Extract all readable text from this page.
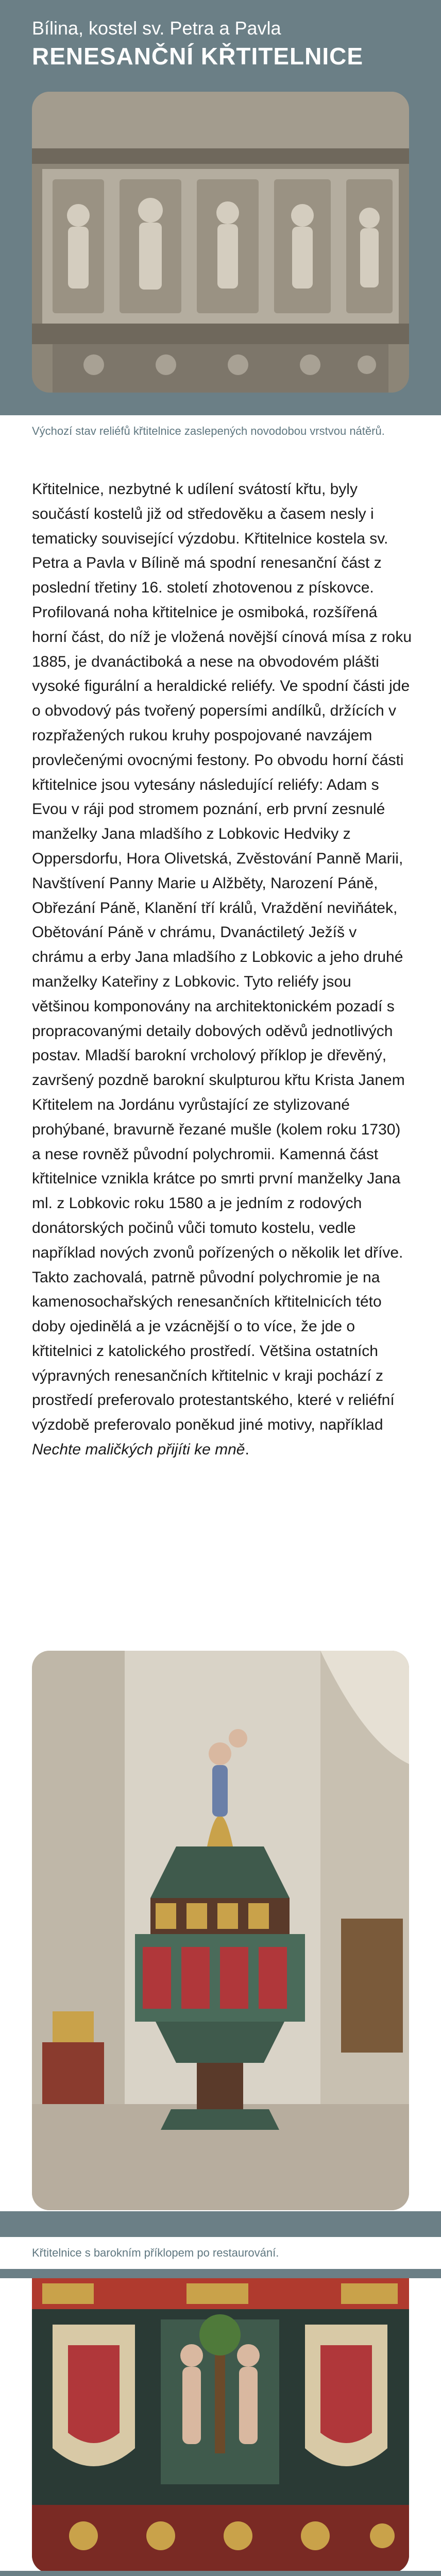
Bílina, kostel sv. Petra a Pavla
RENESANČNÍ KŘTITELNICE

Výchozí stav reliéfů křtitelnice zaslepených novodobou vrstvou nátěrů.

Křtitelnice, nezbytné k udílení svátostí křtu, byly součástí kostelů již od středověku a časem nesly i tematicky související výzdobu. Křtitelnice kostela sv. Petra a Pavla v Bílině má spodní renesanční část z poslední třetiny 16. století zhotovenou z pískovce. Profilovaná noha křtitelnice je osmiboká, rozšířená horní část, do níž je vložená novější cínová mísa z roku 1885, je dvanáctiboká a nese na obvodovém plášti vysoké figurální a heraldické reliéfy. Ve spodní části jde o obvodový pás tvořený popersími andílků, držících v rozpřažených rukou kruhy pospojované navzájem provlečenými ovocnými festony. Po obvodu horní části křtitelnice jsou vytesány následující reliéfy: Adam s Evou v ráji pod stromem poznání, erb první zesnulé manželky Jana mladšího z Lobkovic Hedviky z Oppersdorfu, Hora Olivetská, Zvěstování Panně Marii, Navštívení Panny Marie u Alžběty, Narození Páně, Obřezání Páně, Klanění tří králů, Vraždění neviňátek, Obětování Páně v chrámu, Dvanáctiletý Ježíš v chrámu a erby Jana mladšího z Lobkovic a jeho druhé manželky Kateřiny z Lobkovic. Tyto reliéfy jsou většinou komponovány na architektonickém pozadí s propracovanými detaily dobových oděvů jednotlivých postav. Mladší barokní vrcholový příklop je dřevěný, završený pozdně barokní skulpturou křtu Krista Janem Křtitelem na Jordánu vyrůstající ze stylizované prohýbané, bravurně řezané mušle (kolem roku 1730) a nese rovněž původní polychromii. Kamenná část křtitelnice vznikla krátce po smrti první manželky Jana ml. z Lobkovic roku 1580 a je jedním z rodových donátorských počinů vůči tomuto kostelu, vedle například nových zvonů pořízených o několik let dříve. Takto zachovalá, patrně původní polychromie je na kamenosochařských renesančních křtitelnicích této doby ojedinělá a je vzácnější o to více, že jde o křtitelnici z katolického prostředí. Většina ostatních výpravných renesančních křtitelnic v kraji pochází z prostředí preferovalo protestantského, které v reliéfní výzdobě preferovalo poněkud jiné motivy, například Nechte maličkých přijíti ke mně.

Křtitelnice s barokním příklopem po restaurování.
